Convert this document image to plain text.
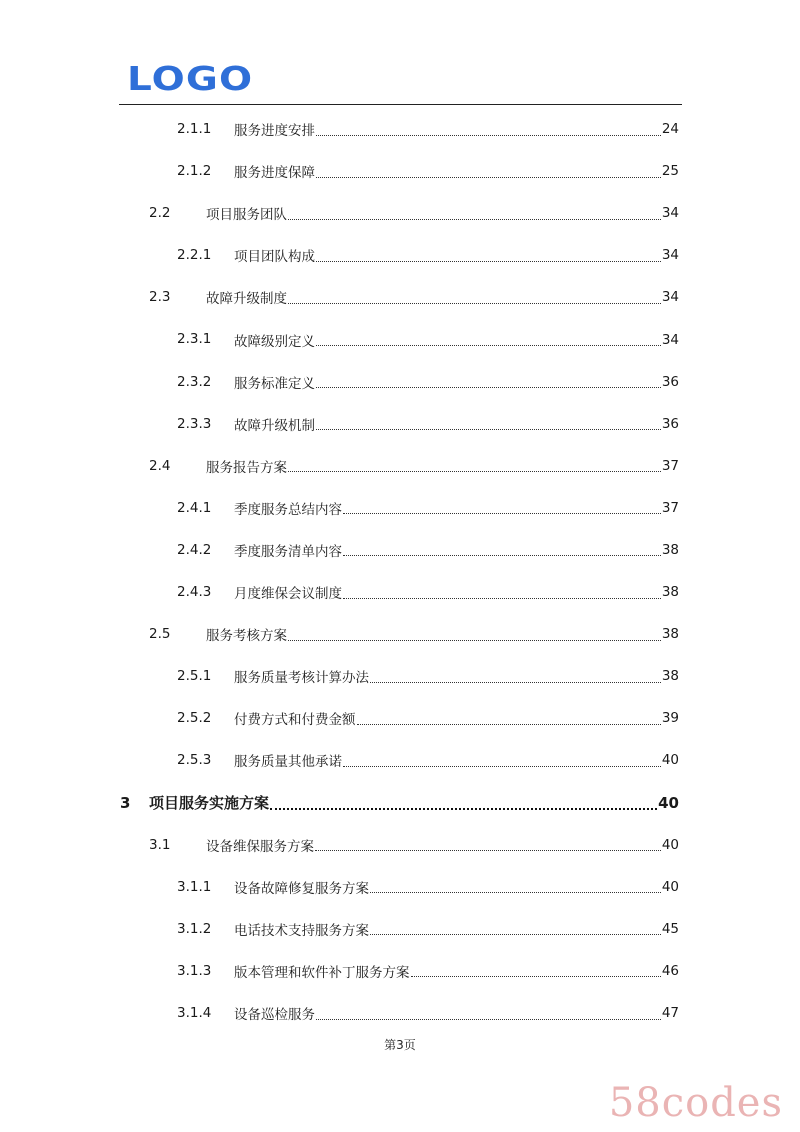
LOGO
2.1.1 服务进度安排	24
2.1.2 服务进度保障	25
2.2	项目服务团队	34
2.2.1 项目团队构成	34
2.3	故障升级制度	34
2.3.1 故障级别定义	34
2.3.2 服务标准定义	36
2.3.3 故障升级机制	36
2.4	服务报告方案	37
2.4.1 季度服务总结内容	37
2.4.2 季度服务清单内容	38
2.4.3 月度维保会议制度	38
2.5	服务考核方案	38
2.5.1 服务质量考核计算办法	38
2.5.2 付费方式和付费金额	39
2.5.3 服务质量其他承诺	40
3 项目服务实施方案	40
3.1	设备维保服务方案	40
3.1.1 设备故障修复服务方案	40
3.1.2 电话技术支持服务方案	45
3.1.3 版本管理和软件补丁服务方案	46
3.1.4 设备巡检服务	47
第3页
58codes
